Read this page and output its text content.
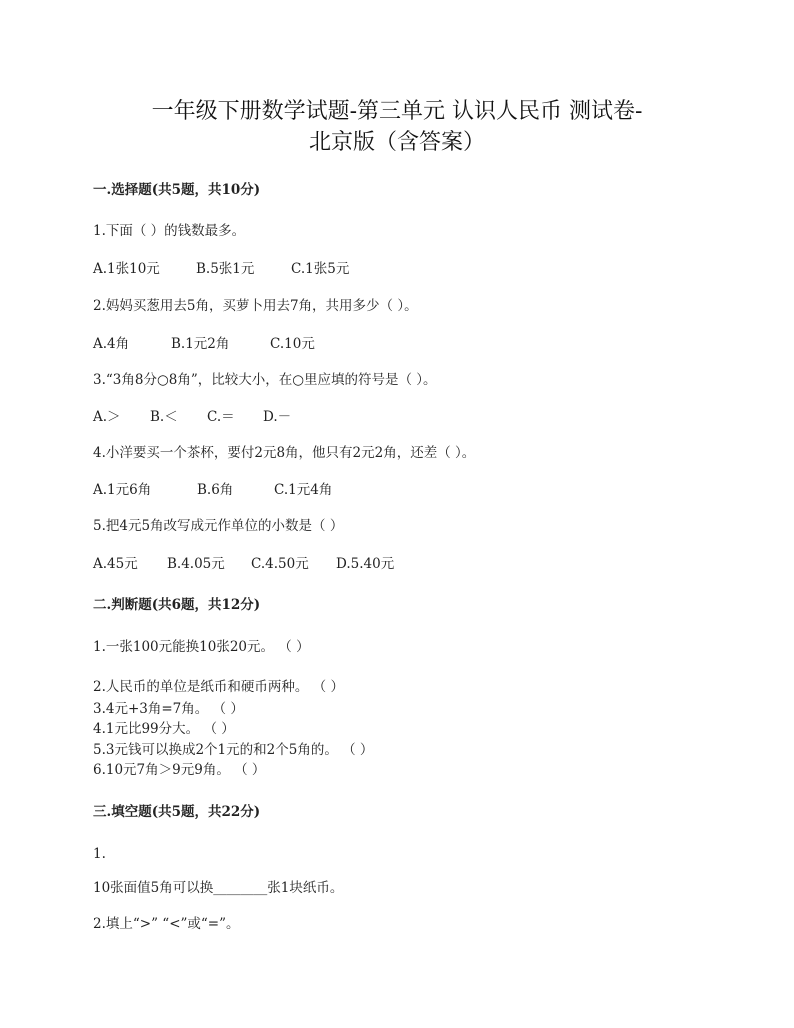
一年级下册数学试题-第三单元 认识人民币 测试卷-
北京版（含答案）
一.选择题(共5题，共10分)
1.下面（ ）的钱数最多。
A.1张10元	B.5张1元	C.1张5元
2.妈妈买葱用去5角，买萝卜用去7角，共用多少（ ）。
A.4角	B.1元2角	C.10元
3.“3角8分○8角”，比较大小，在○里应填的符号是（ ）。
A.＞ B.＜ C.＝ D.－
4.小洋要买一个茶杯，要付2元8角，他只有2元2角，还差（ ）。
A.1元6角	B.6角	C.1元4角
5.把4元5角改写成元作单位的小数是（ ）
A.45元 B.4.05元 C.4.50元 D.5.40元
二.判断题(共6题，共12分)
1.一张100元能换10张20元。 （ ）
2.人民币的单位是纸币和硬币两种。 （ ）
3.4元+3角=7角。 （ ）
4.1元比99分大。 （ ）
5.3元钱可以换成2个1元的和2个5角的。 （ ）
6.10元7角＞9元9角。 （ ）
三.填空题(共5题，共22分)
1.
10张面值5角可以换________张1块纸币。
2.填上“>” “<”或“=”。
